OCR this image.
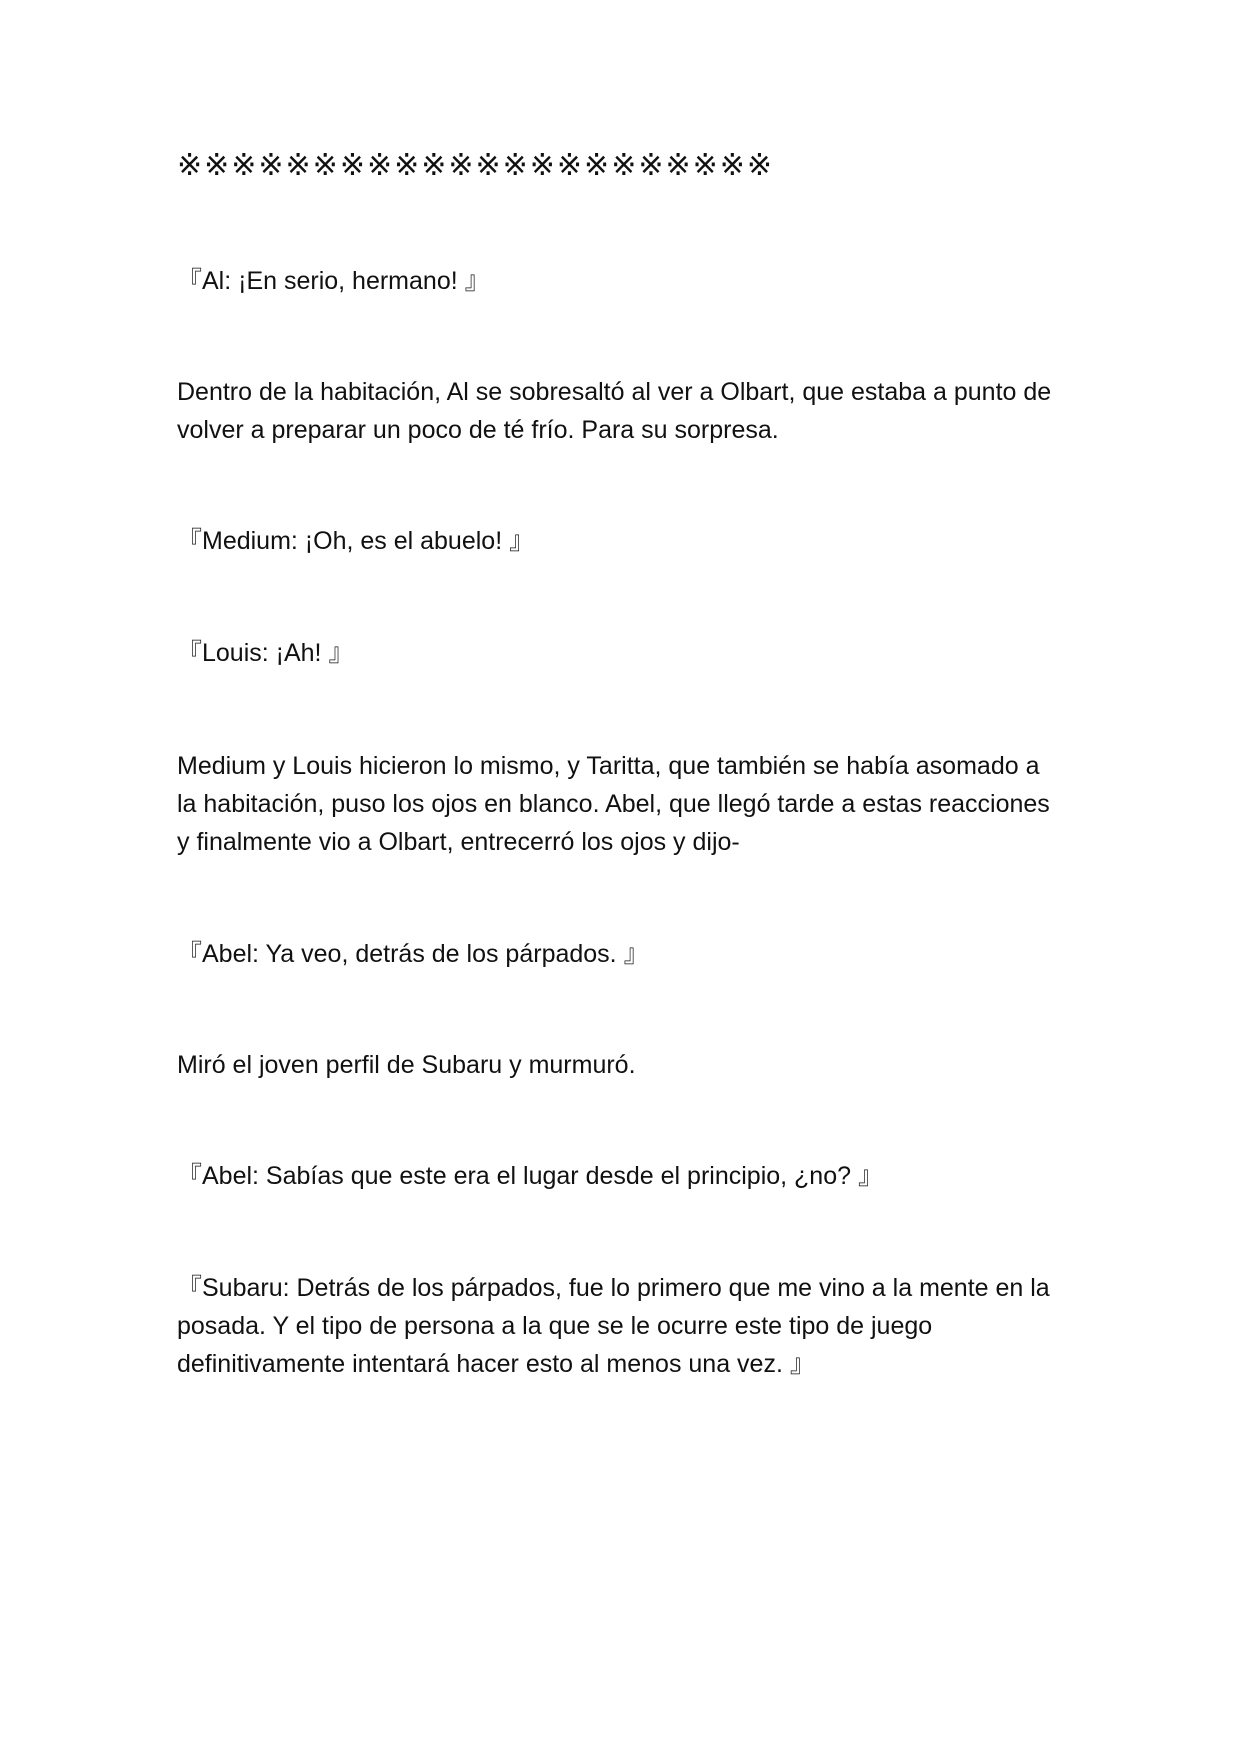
※※※※※※※※※※※※※※※※※※※※※※

『Al: ¡En serio, hermano! 』

Dentro de la habitación, Al se sobresaltó al ver a Olbart, que estaba a punto de volver a preparar un poco de té frío. Para su sorpresa.

『Medium: ¡Oh, es el abuelo! 』

『Louis: ¡Ah! 』

Medium y Louis hicieron lo mismo, y Taritta, que también se había asomado a la habitación, puso los ojos en blanco. Abel, que llegó tarde a estas reacciones y finalmente vio a Olbart, entrecerró los ojos y dijo-

『Abel: Ya veo, detrás de los párpados. 』

Miró el joven perfil de Subaru y murmuró.

『Abel: Sabías que este era el lugar desde el principio, ¿no? 』

『Subaru: Detrás de los párpados, fue lo primero que me vino a la mente en la posada. Y el tipo de persona a la que se le ocurre este tipo de juego definitivamente intentará hacer esto al menos una vez. 』
